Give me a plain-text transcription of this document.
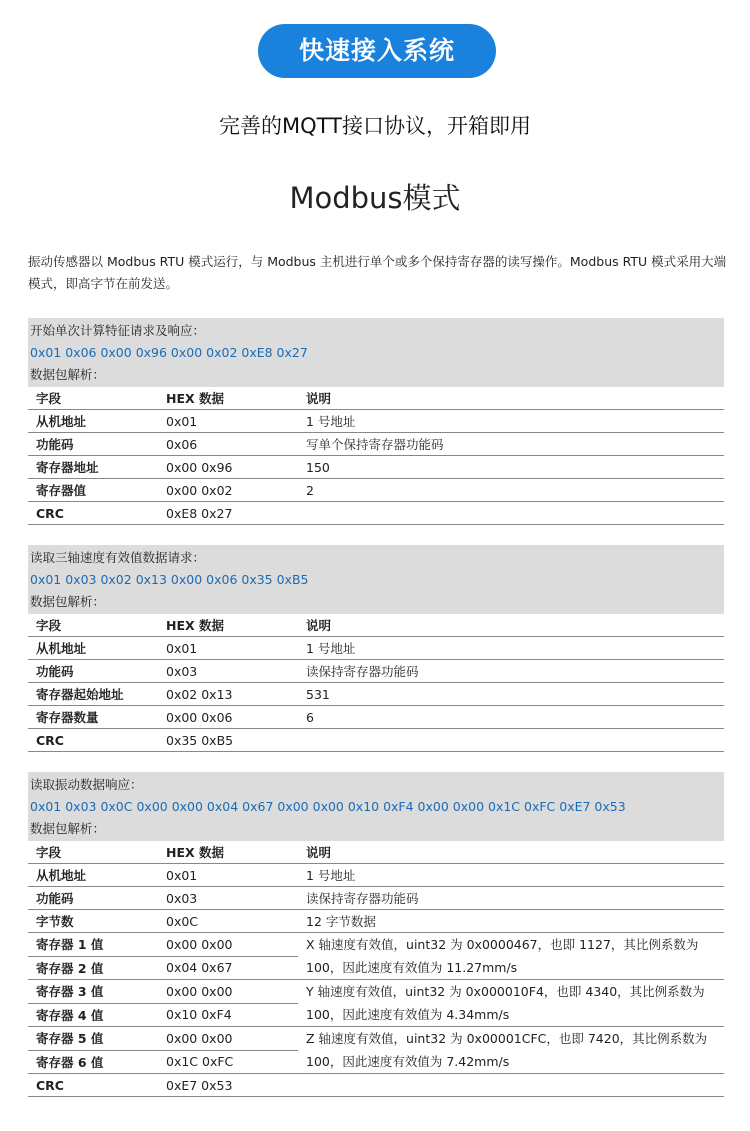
快速接入系统
完善的MQTT接口协议，开箱即用
Modbus模式
振动传感器以 Modbus RTU 模式运行，与 Modbus 主机进行单个或多个保持寄存器的读写操作。Modbus RTU 模式采用大端模式，即高字节在前发送。
开始单次计算特征请求及响应：
0x01 0x06 0x00 0x96 0x00 0x02 0xE8 0x27
数据包解析：
字段	HEX 数据	说明
从机地址	0x01	1 号地址
功能码	0x06	写单个保持寄存器功能码
寄存器地址	0x00 0x96	150
寄存器值	0x00 0x02	2
CRC	0xE8 0x27	
读取三轴速度有效值数据请求：
0x01 0x03 0x02 0x13 0x00 0x06 0x35 0xB5
数据包解析：
字段	HEX 数据	说明
从机地址	0x01	1 号地址
功能码	0x03	读保持寄存器功能码
寄存器起始地址	0x02 0x13	531
寄存器数量	0x00 0x06	6
CRC	0x35 0xB5	
读取振动数据响应：
0x01 0x03 0x0C 0x00 0x00 0x04 0x67 0x00 0x00 0x10 0xF4 0x00 0x00 0x1C 0xFC 0xE7 0x53
数据包解析：
字段	HEX 数据	说明
从机地址	0x01	1 号地址
功能码	0x03	读保持寄存器功能码
字节数	0x0C	12 字节数据
寄存器 1 值	0x00 0x00	X 轴速度有效值，uint32 为 0x0000467，也即 1127，其比例系数为 100，因此速度有效值为 11.27mm/s
寄存器 2 值	0x04 0x67	
寄存器 3 值	0x00 0x00	Y 轴速度有效值，uint32 为 0x000010F4，也即 4340，其比例系数为 100，因此速度有效值为 4.34mm/s
寄存器 4 值	0x10 0xF4	
寄存器 5 值	0x00 0x00	Z 轴速度有效值，uint32 为 0x00001CFC，也即 7420，其比例系数为 100，因此速度有效值为 7.42mm/s
寄存器 6 值	0x1C 0xFC	
CRC	0xE7 0x53	
